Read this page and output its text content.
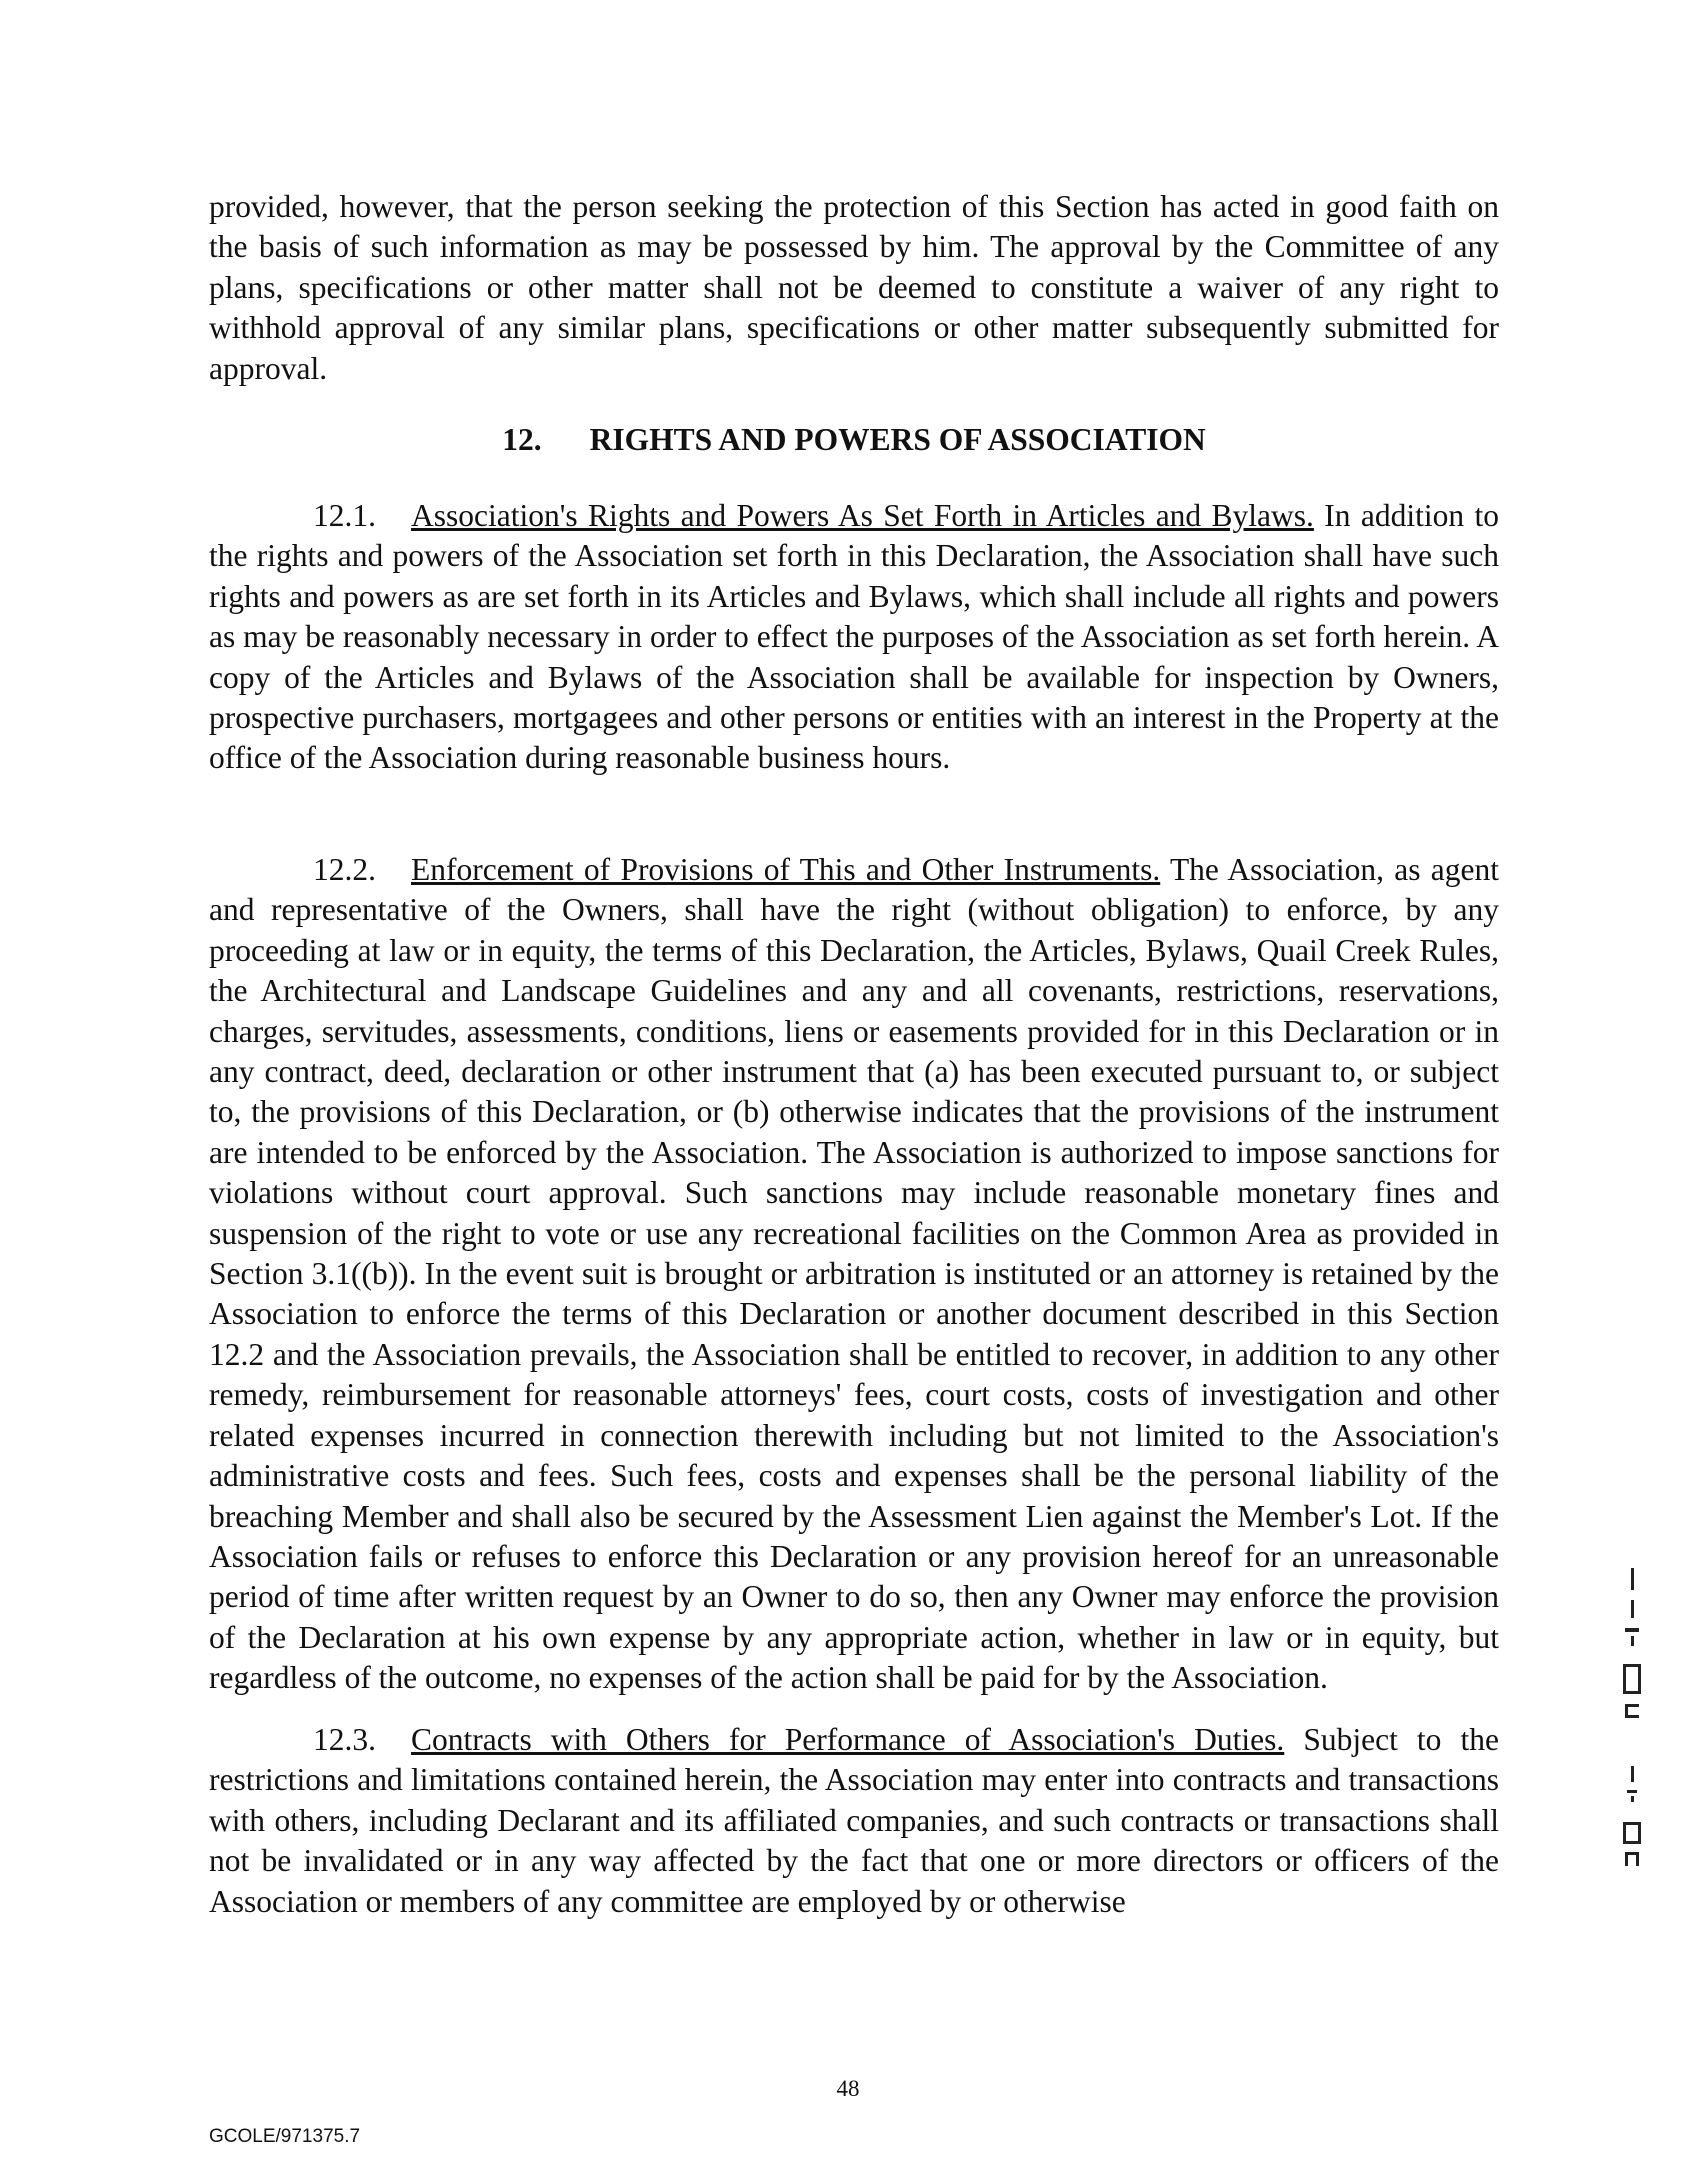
provided, however, that the person seeking the protection of this Section has acted in good faith on the basis of such information as may be possessed by him. The approval by the Committee of any plans, specifications or other matter shall not be deemed to constitute a waiver of any right to withhold approval of any similar plans, specifications or other matter subsequently submitted for approval.

12. RIGHTS AND POWERS OF ASSOCIATION

12.1. Association's Rights and Powers As Set Forth in Articles and Bylaws. In addition to the rights and powers of the Association set forth in this Declaration, the Association shall have such rights and powers as are set forth in its Articles and Bylaws, which shall include all rights and powers as may be reasonably necessary in order to effect the purposes of the Association as set forth herein. A copy of the Articles and Bylaws of the Association shall be available for inspection by Owners, prospective purchasers, mortgagees and other persons or entities with an interest in the Property at the office of the Association during reasonable business hours.

12.2. Enforcement of Provisions of This and Other Instruments. The Association, as agent and representative of the Owners, shall have the right (without obligation) to enforce, by any proceeding at law or in equity, the terms of this Declaration, the Articles, Bylaws, Quail Creek Rules, the Architectural and Landscape Guidelines and any and all covenants, restrictions, reservations, charges, servitudes, assessments, conditions, liens or easements provided for in this Declaration or in any contract, deed, declaration or other instrument that (a) has been executed pursuant to, or subject to, the provisions of this Declaration, or (b) otherwise indicates that the provisions of the instrument are intended to be enforced by the Association. The Association is authorized to impose sanctions for violations without court approval. Such sanctions may include reasonable monetary fines and suspension of the right to vote or use any recreational facilities on the Common Area as provided in Section 3.1((b)). In the event suit is brought or arbitration is instituted or an attorney is retained by the Association to enforce the terms of this Declaration or another document described in this Section 12.2 and the Association prevails, the Association shall be entitled to recover, in addition to any other remedy, reimbursement for reasonable attorneys' fees, court costs, costs of investigation and other related expenses incurred in connection therewith including but not limited to the Association's administrative costs and fees. Such fees, costs and expenses shall be the personal liability of the breaching Member and shall also be secured by the Assessment Lien against the Member's Lot. If the Association fails or refuses to enforce this Declaration or any provision hereof for an unreasonable period of time after written request by an Owner to do so, then any Owner may enforce the provision of the Declaration at his own expense by any appropriate action, whether in law or in equity, but regardless of the outcome, no expenses of the action shall be paid for by the Association.

12.3. Contracts with Others for Performance of Association's Duties. Subject to the restrictions and limitations contained herein, the Association may enter into contracts and transactions with others, including Declarant and its affiliated companies, and such contracts or transactions shall not be invalidated or in any way affected by the fact that one or more directors or officers of the Association or members of any committee are employed by or otherwise

48

GCOLE/971375.7
